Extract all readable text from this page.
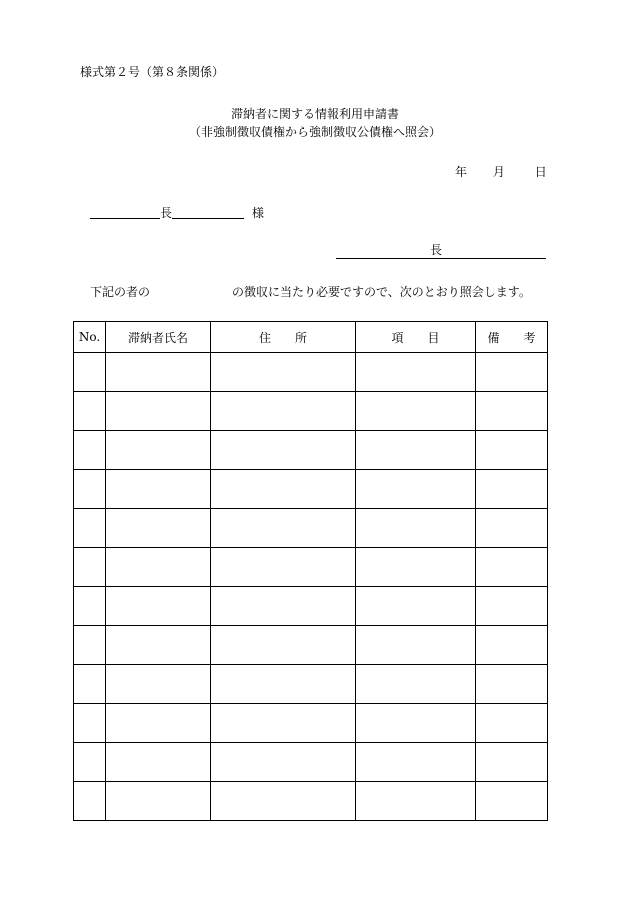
様式第２号（第８条関係）
滞納者に関する情報利用申請書
（非強制徴収債権から強制徴収公債権へ照会）
年 月 日
長	様
長
下記の者の	の徴収に当たり必要ですので、次のとおり照会します。
No.	滞納者氏名	住　　所	項　　目	備　　考
